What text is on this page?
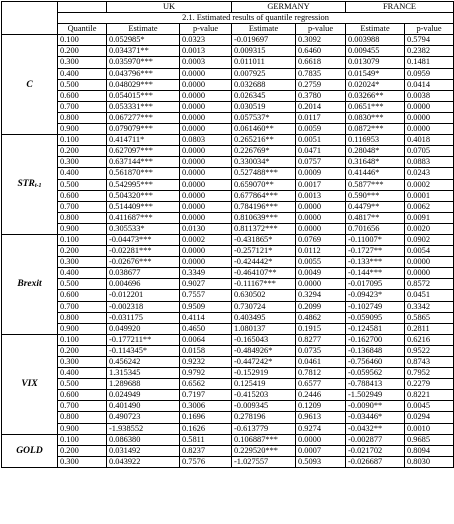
		UK		GERMANY		FRANCE	
	2.1. Estimated results of quantile regression						
	Quantile	Estimate	p-value	Estimate	p-value	Estimate	p-value
C	0.100	0.052985*	0.0323	-0.019697	0.3092	0.003988	0.5794
	0.200	0.034371**	0.0013	0.009315	0.6460	0.009455	0.2382
	0.300	0.035970***	0.0003	0.011011	0.6618	0.013079	0.1481
	0.400	0.043796***	0.0000	0.007925	0.7835	0.01549*	0.0959
	0.500	0.048029***	0.0000	0.032688	0.2759	0.02024*	0.0414
	0.600	0.054015***	0.0000	0.026345	0.3780	0.03266**	0.0038
	0.700	0.053331***	0.0000	0.030519	0.2014	0.0651***	0.0000
	0.800	0.067277***	0.0000	0.057537*	0.0117	0.0830***	0.0000
	0.900	0.079079***	0.0000	0.061460**	0.0059	0.0872***	0.0000
STRt-1	0.100	0.414711*	0.0803	0.265216**	0.0051	0.116953	0.4018
	0.200	0.627097***	0.0000	0.226769*	0.0471	0.28048*	0.0705
	0.300	0.637144***	0.0000	0.330034*	0.0757	0.31648*	0.0883
	0.400	0.561870***	0.0000	0.527488***	0.0009	0.41446*	0.0243
	0.500	0.542995***	0.0000	0.659070**	0.0017	0.5877***	0.0002
	0.600	0.504320***	0.0000	0.677864***	0.0013	0.590***	0.0001
	0.700	0.514409***	0.0000	0.784196***	0.0000	0.4479**	0.0062
	0.800	0.411687***	0.0000	0.810639***	0.0000	0.4817**	0.0091
	0.900	0.305533*	0.0130	0.811372***	0.0000	0.701656	0.0020
Brexit	0.100	-0.04473***	0.0002	-0.431865*	0.0769	-0.11007*	0.0902
	0.200	-0.02281***	0.0000	-0.257121*	0.0112	-0.1727**	0.0054
	0.300	-0.02676***	0.0000	-0.424442*	0.0055	-0.133***	0.0000
	0.400	0.038677	0.3349	-0.464107**	0.0049	-0.144***	0.0000
	0.500	0.004696	0.9027	-0.11167***	0.0000	-0.017095	0.8572
	0.600	-0.012201	0.7557	0.630502	0.3294	-0.09423*	0.0451
	0.700	-0.002318	0.9509	0.730724	0.2099	-0.102749	0.3342
	0.800	-0.031175	0.4114	0.403495	0.4862	-0.059095	0.5865
	0.900	0.049920	0.4650	1.080137	0.1915	-0.124581	0.2811
VIX	0.100	-0.177211**	0.0064	-0.165043	0.8277	-0.162700	0.6216
	0.200	-0.114345*	0.0158	-0.484926*	0.0735	-0.136848	0.9522
	0.300	0.456242	0.9232	-0.447242*	0.0461	-0.756460	0.8743
	0.400	1.315345	0.9792	-0.152919	0.7812	-0.059562	0.7952
	0.500	1.289688	0.6562	0.125419	0.6577	-0.788413	0.2279
	0.600	0.024949	0.7197	-0.415203	0.2446	-1.502949	0.8221
	0.700	0.401490	0.3006	-0.009345	0.1209	-0.0090**	0.0045
	0.800	0.490723	0.1696	0.278196	0.9613	-0.03446*	0.0294
	0.900	-1.938552	0.1626	-0.613779	0.9274	-0.0432**	0.0010
GOLD	0.100	0.086380	0.5811	0.106887***	0.0000	-0.002877	0.9685
	0.200	0.031492	0.8237	0.229520***	0.0007	-0.021702	0.8094
	0.300	0.043922	0.7576	-1.027557	0.5093	-0.026687	0.8030
